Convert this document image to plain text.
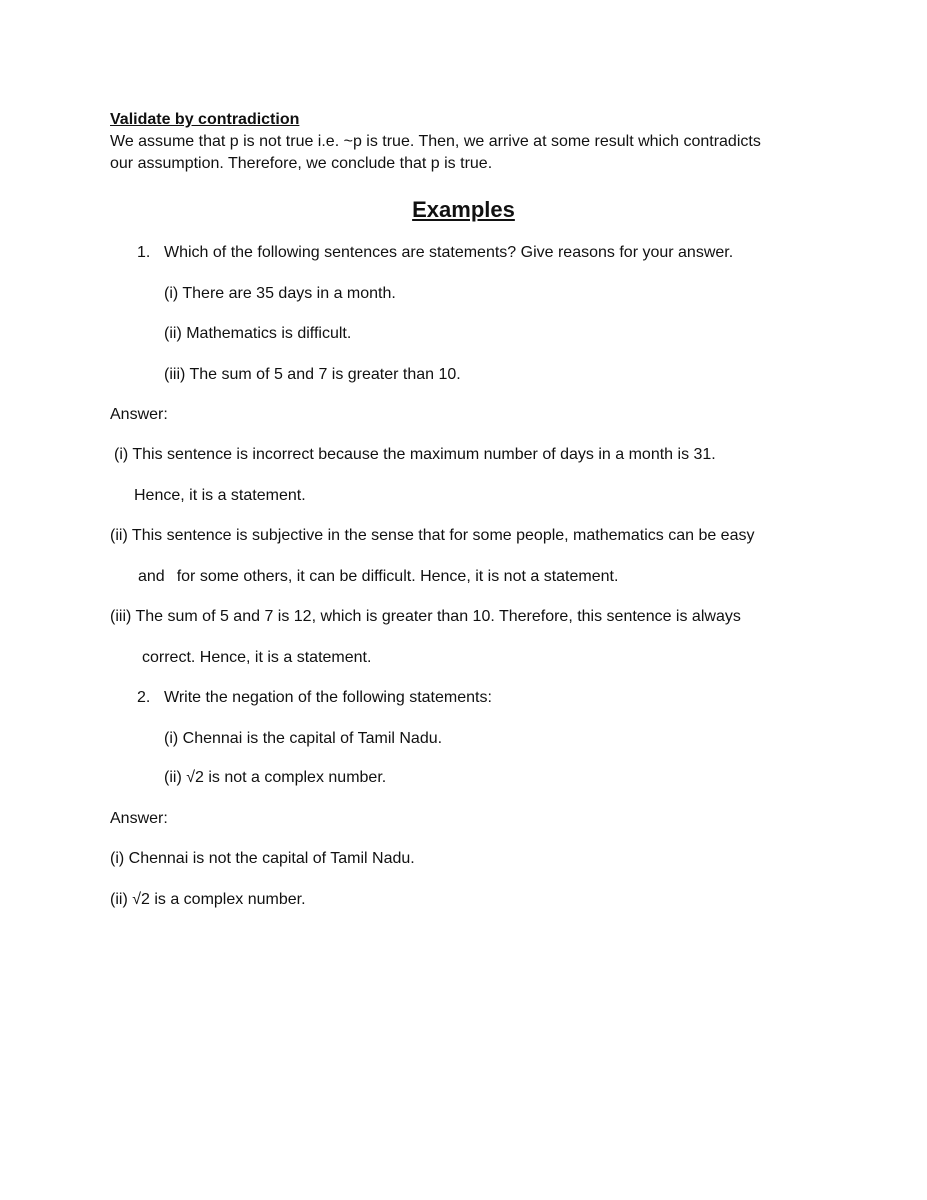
Validate by contradiction
We assume that p is not true i.e. ~p is true. Then, we arrive at some result which contradicts
our assumption. Therefore, we conclude that p is true.
Examples
1. Which of the following sentences are statements? Give reasons for your answer.
(i) There are 35 days in a month.
(ii) Mathematics is difficult.
(iii) The sum of 5 and 7 is greater than 10.
Answer:
(i) This sentence is incorrect because the maximum number of days in a month is 31.
Hence, it is a statement.
(ii) This sentence is subjective in the sense that for some people, mathematics can be easy
and for some others, it can be difficult. Hence, it is not a statement.
(iii) The sum of 5 and 7 is 12, which is greater than 10. Therefore, this sentence is always
correct. Hence, it is a statement.
2. Write the negation of the following statements:
(i) Chennai is the capital of Tamil Nadu.
(ii) √2 is not a complex number.
Answer:
(i) Chennai is not the capital of Tamil Nadu.
(ii) √2 is a complex number.
